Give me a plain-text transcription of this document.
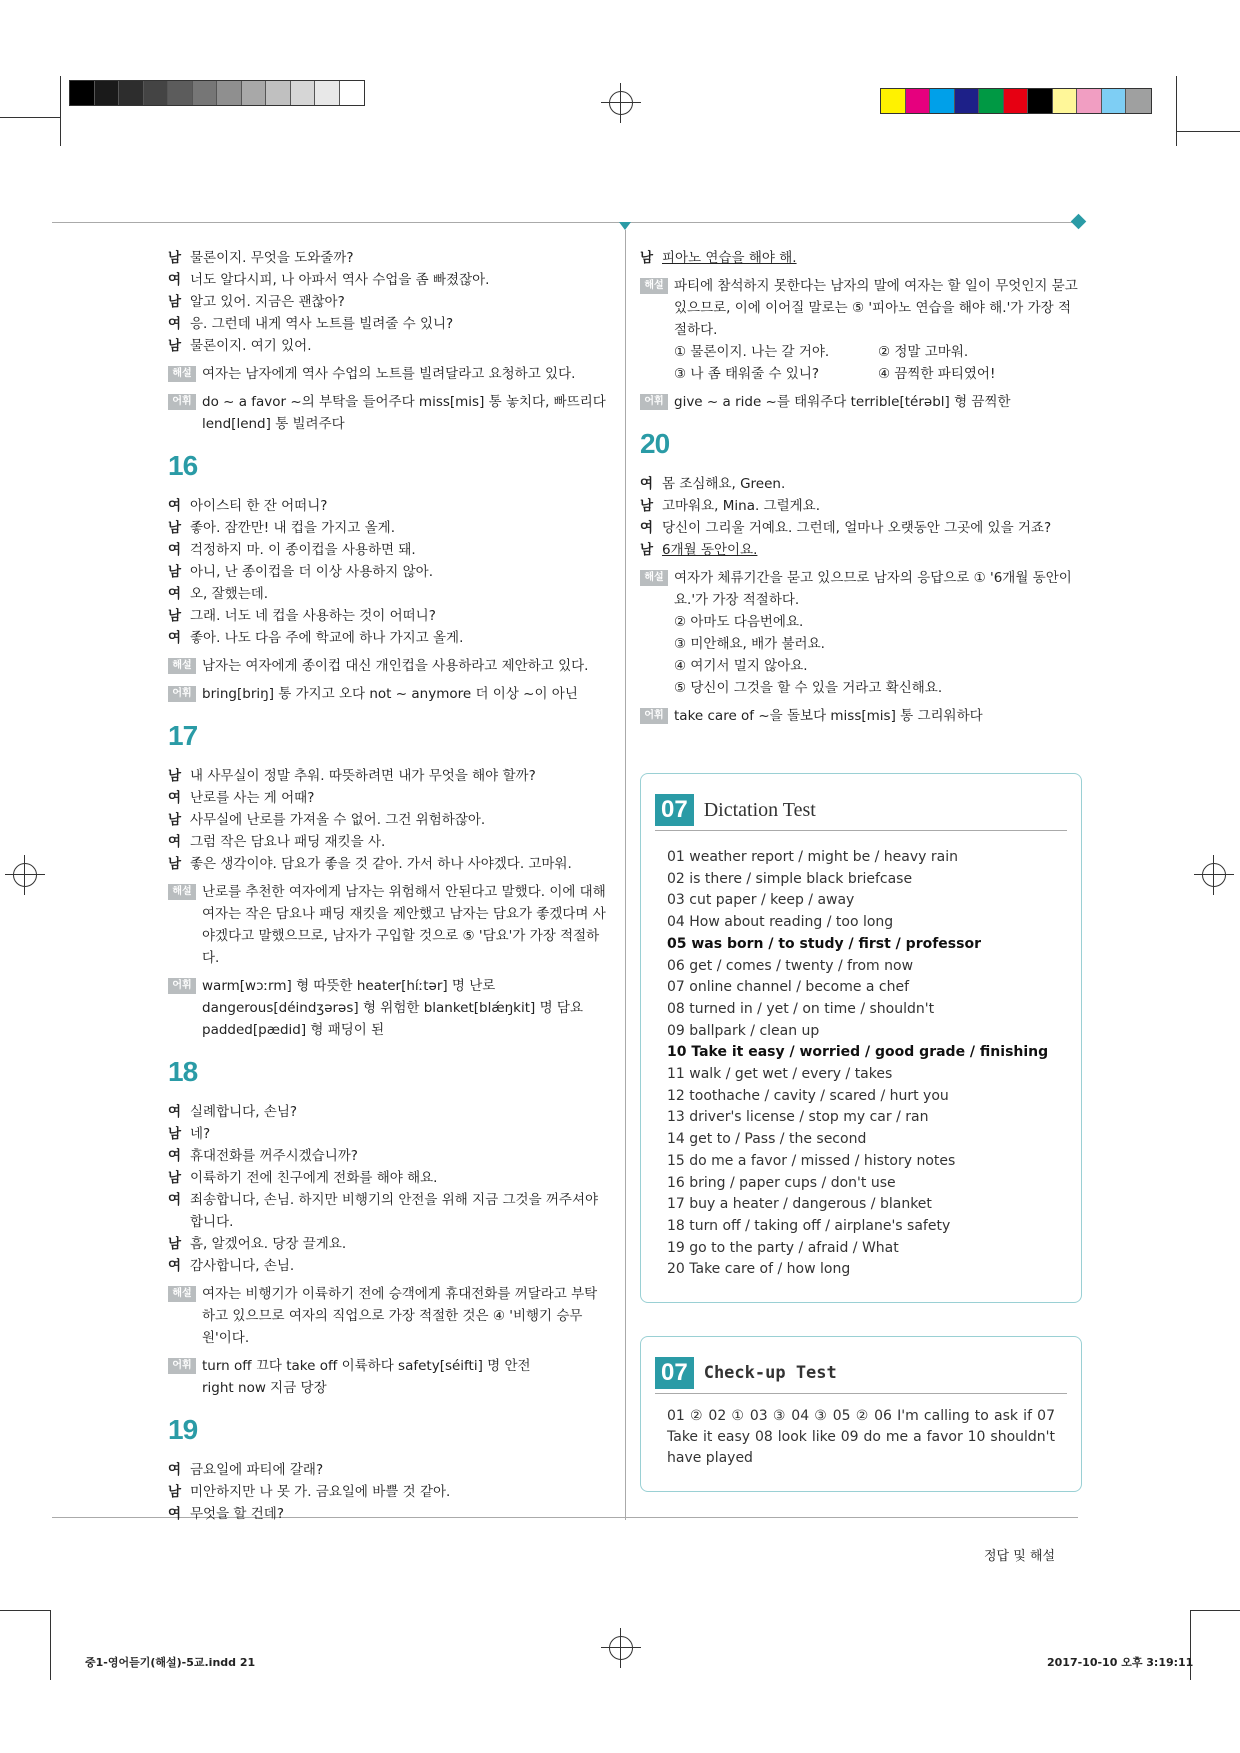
남 물론이지. 무엇을 도와줄까?
여 너도 알다시피, 나 아파서 역사 수업을 좀 빠졌잖아.
남 알고 있어. 지금은 괜찮아?
여 응. 그런데 내게 역사 노트를 빌려줄 수 있니?
남 물론이지. 여기 있어.
해설 여자는 남자에게 역사 수업의 노트를 빌려달라고 요청하고 있다.
어휘 do ~ a favor ~의 부탁을 들어주다 miss[mis] 통 놓치다, 빠뜨리다
lend[lend] 통 빌려주다
16
여 아이스티 한 잔 어떠니?
남 좋아. 잠깐만! 내 컵을 가지고 올게.
여 걱정하지 마. 이 종이컵을 사용하면 돼.
남 아니, 난 종이컵을 더 이상 사용하지 않아.
여 오, 잘했는데.
남 그래. 너도 네 컵을 사용하는 것이 어떠니?
여 좋아. 나도 다음 주에 학교에 하나 가지고 올게.
해설 남자는 여자에게 종이컵 대신 개인컵을 사용하라고 제안하고 있다.
어휘 bring[briŋ] 통 가지고 오다 not ~ anymore 더 이상 ~이 아닌
17
남 내 사무실이 정말 추워. 따뜻하려면 내가 무엇을 해야 할까?
여 난로를 사는 게 어때?
남 사무실에 난로를 가져올 수 없어. 그건 위험하잖아.
여 그럼 작은 담요나 패딩 재킷을 사.
남 좋은 생각이야. 담요가 좋을 것 같아. 가서 하나 사야겠다. 고마워.
해설 난로를 추천한 여자에게 남자는 위험해서 안된다고 말했다. 이에 대해 여자는 작은 담요나 패딩 재킷을 제안했고 남자는 담요가 좋겠다며 사야겠다고 말했으므로, 남자가 구입할 것으로 ⑤ '담요'가 가장 적절하다.
어휘 warm[wɔːrm] 형 따뜻한 heater[híːtər] 명 난로
dangerous[déindʒərəs] 형 위험한 blanket[blǽŋkit] 명 담요
padded[pædid] 형 패딩이 된
18
여 실례합니다, 손님?
남 네?
여 휴대전화를 꺼주시겠습니까?
남 이륙하기 전에 친구에게 전화를 해야 해요.
여 죄송합니다, 손님. 하지만 비행기의 안전을 위해 지금 그것을 꺼주셔야 합니다.
남 흠, 알겠어요. 당장 끌게요.
여 감사합니다, 손님.
해설 여자는 비행기가 이륙하기 전에 승객에게 휴대전화를 꺼달라고 부탁하고 있으므로 여자의 직업으로 가장 적절한 것은 ④ '비행기 승무원'이다.
어휘 turn off 끄다 take off 이륙하다 safety[séifti] 명 안전
right now 지금 당장
19
여 금요일에 파티에 갈래?
남 미안하지만 나 못 가. 금요일에 바쁠 것 같아.
여 무엇을 할 건데?
남 피아노 연습을 해야 해.
해설 파티에 참석하지 못한다는 남자의 말에 여자는 할 일이 무엇인지 묻고 있으므로, 이에 이어질 말로는 ⑤ '피아노 연습을 해야 해.'가 가장 적절하다.
① 물론이지. 나는 갈 거야.	② 정말 고마워.
③ 나 좀 태워줄 수 있니?	④ 끔찍한 파티였어!
어휘 give ~ a ride ~를 태워주다 terrible[térəbl] 형 끔찍한
20
여 몸 조심해요, Green.
남 고마워요, Mina. 그럴게요.
여 당신이 그리울 거예요. 그런데, 얼마나 오랫동안 그곳에 있을 거죠?
남 6개월 동안이요.
해설 여자가 체류기간을 묻고 있으므로 남자의 응답으로 ① '6개월 동안이요.'가 가장 적절하다.
② 아마도 다음번에요.
③ 미안해요, 배가 불러요.
④ 여기서 멀지 않아요.
⑤ 당신이 그것을 할 수 있을 거라고 확신해요.
어휘 take care of ~을 돌보다 miss[mis] 통 그리워하다
07 Dictation Test
01 weather report / might be / heavy rain
02 is there / simple black briefcase
03 cut paper / keep / away
04 How about reading / too long
05 was born / to study / first / professor
06 get / comes / twenty / from now
07 online channel / become a chef
08 turned in / yet / on time / shouldn't
09 ballpark / clean up
10 Take it easy / worried / good grade / finishing
11 walk / get wet / every / takes
12 toothache / cavity / scared / hurt you
13 driver's license / stop my car / ran
14 get to / Pass / the second
15 do me a favor / missed / history notes
16 bring / paper cups / don't use
17 buy a heater / dangerous / blanket
18 turn off / taking off / airplane's safety
19 go to the party / afraid / What
20 Take care of / how long
07 Check-up Test
01 ② 02 ① 03 ③ 04 ③ 05 ② 06 I'm calling to ask if 07 Take it easy 08 look like 09 do me a favor 10 shouldn't have played
정답 및 해설
중1-영어듣기(해설)-5교.indd 21	2017-10-10 오후 3:19:11
